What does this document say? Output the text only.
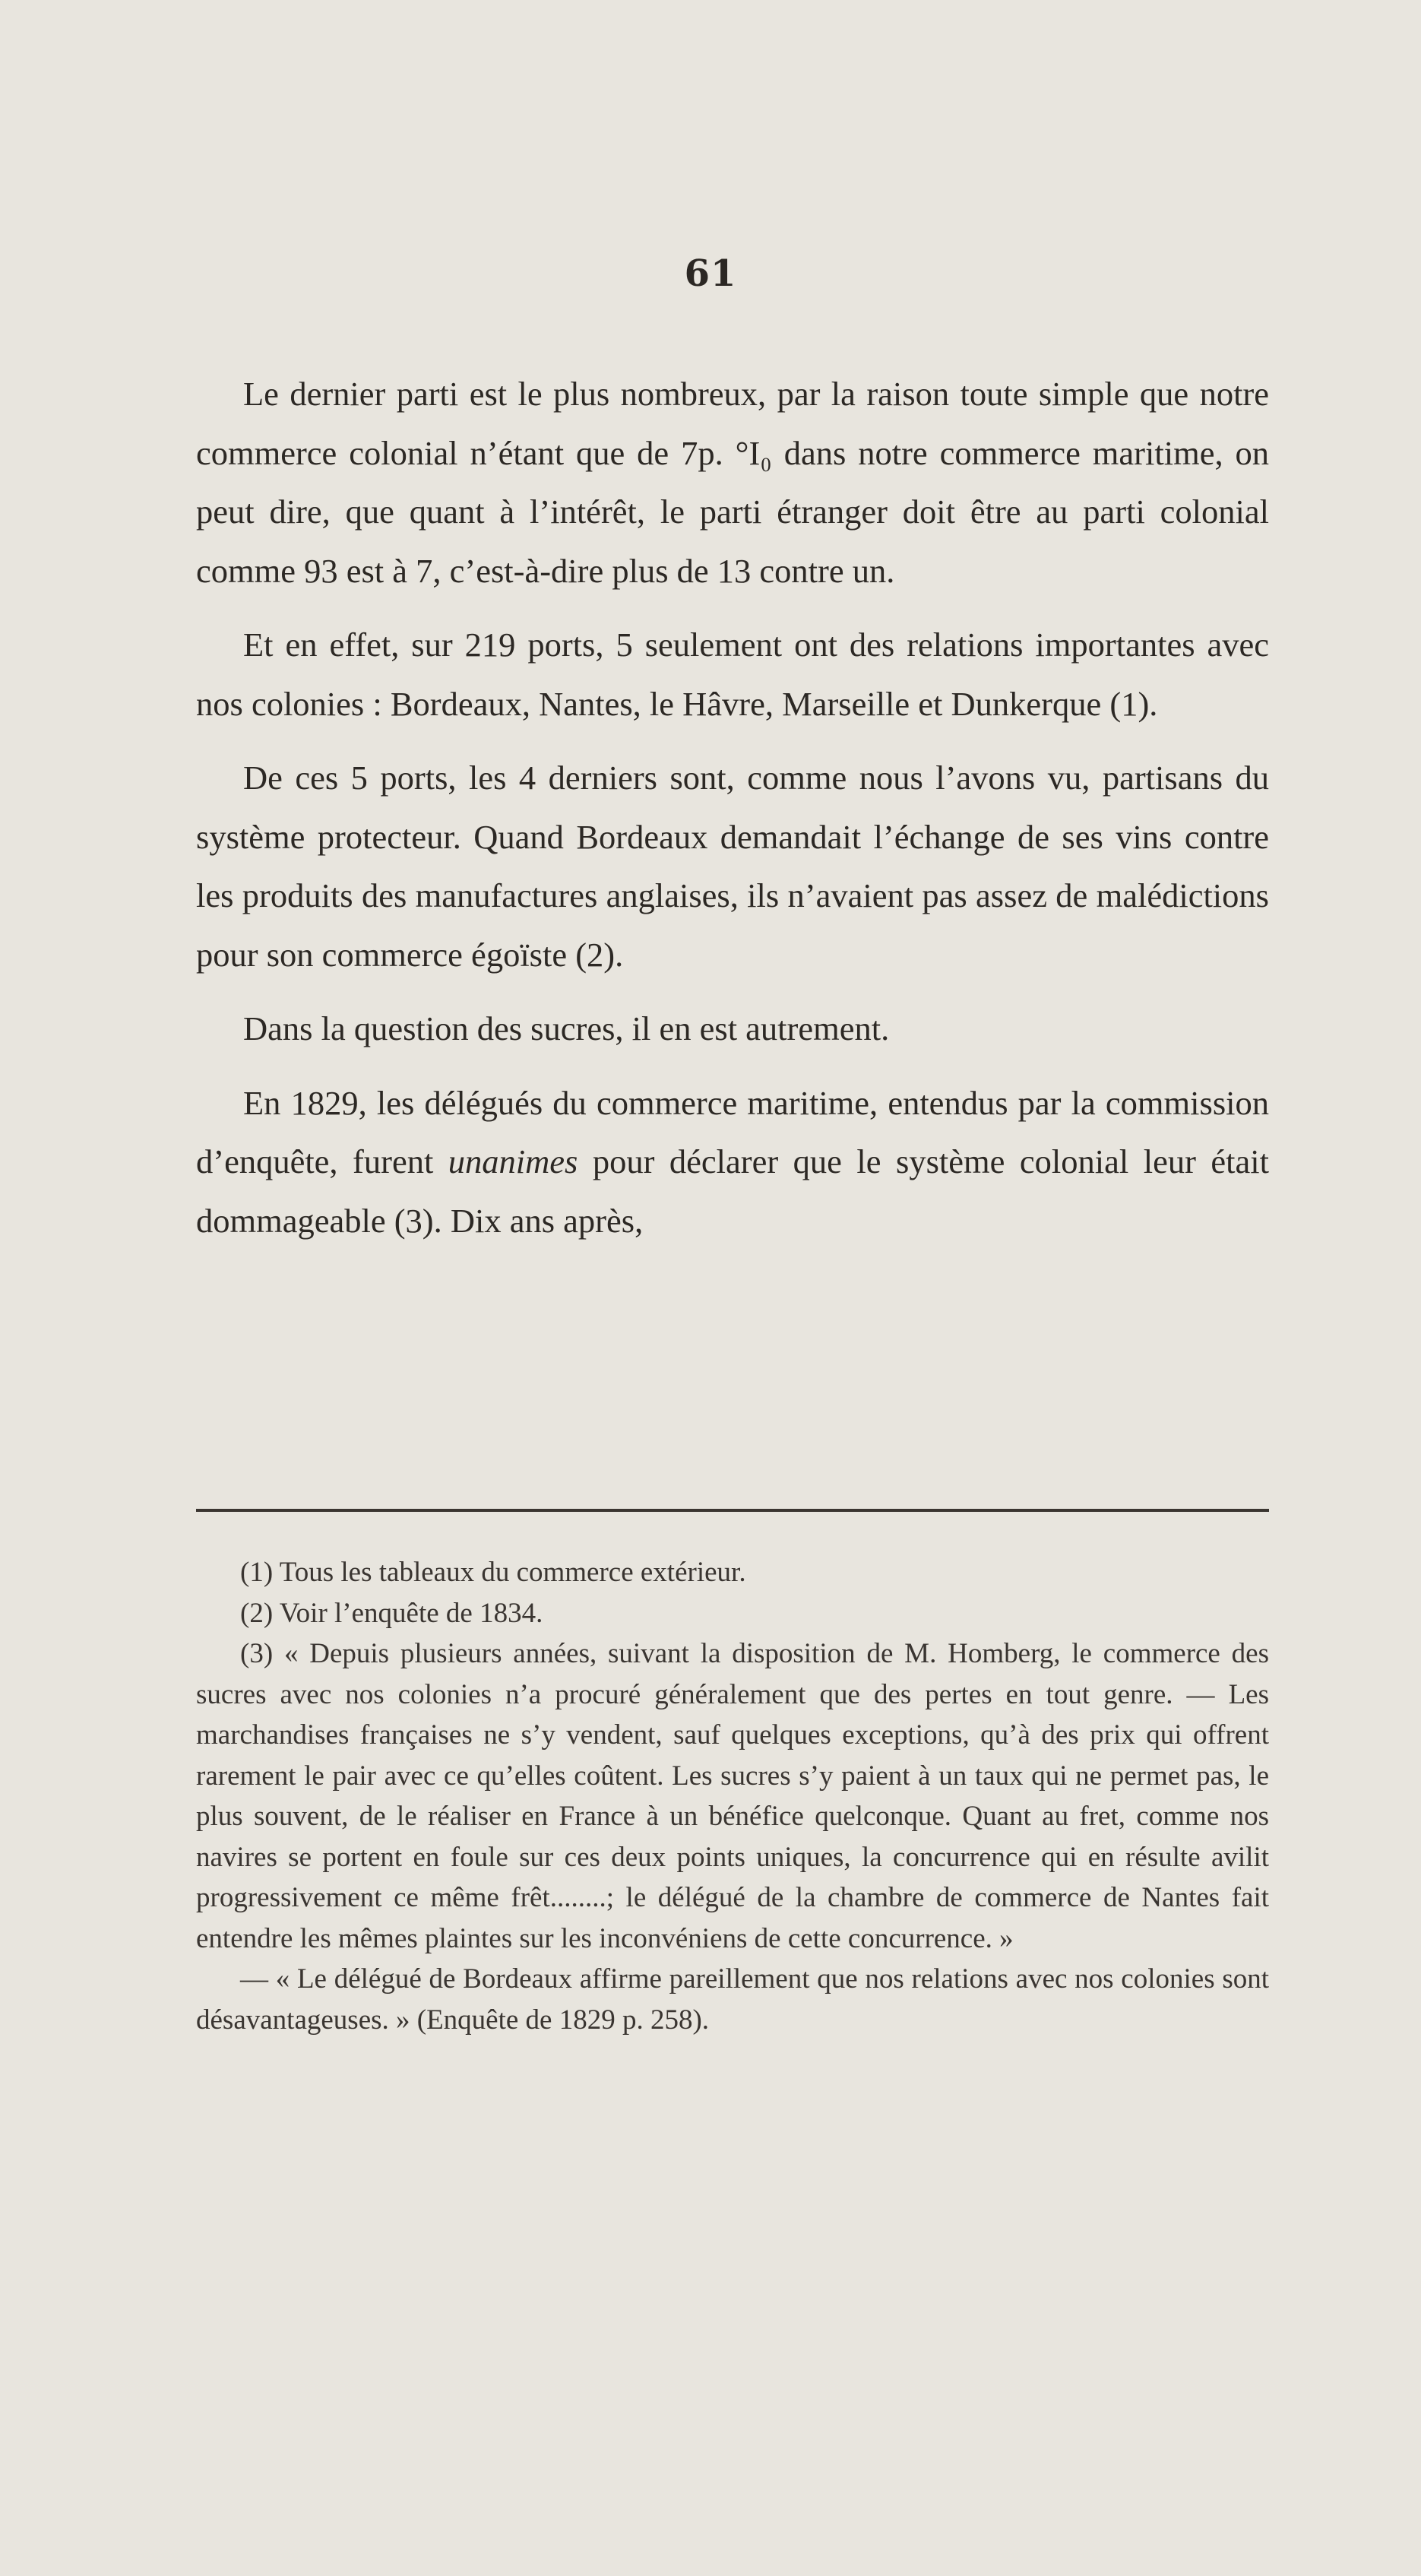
61

Le dernier parti est le plus nombreux, par la raison toute simple que notre commerce colonial n’étant que de 7p. °I₀ dans notre commerce maritime, on peut dire, que quant à l’intérêt, le parti étranger doit être au parti colonial comme 93 est à 7, c’est-à-dire plus de 13 contre un.

Et en effet, sur 219 ports, 5 seulement ont des relations importantes avec nos colonies : Bordeaux, Nantes, le Hâvre, Marseille et Dunkerque (1).

De ces 5 ports, les 4 derniers sont, comme nous l’avons vu, partisans du système protecteur. Quand Bordeaux demandait l’échange de ses vins contre les produits des manufactures anglaises, ils n’avaient pas assez de malédictions pour son commerce égoïste (2).

Dans la question des sucres, il en est autrement.

En 1829, les délégués du commerce maritime, entendus par la commission d’enquête, furent unanimes pour déclarer que le système colonial leur était dommageable (3). Dix ans après,

(1) Tous les tableaux du commerce extérieur.

(2) Voir l’enquête de 1834.

(3) « Depuis plusieurs années, suivant la disposition de M. Homberg, le commerce des sucres avec nos colonies n’a procuré généralement que des pertes en tout genre. — Les marchandises françaises ne s’y vendent, sauf quelques exceptions, qu’à des prix qui offrent rarement le pair avec ce qu’elles coûtent. Les sucres s’y paient à un taux qui ne permet pas, le plus souvent, de le réaliser en France à un bénéfice quelconque. Quant au fret, comme nos navires se portent en foule sur ces deux points uniques, la concurrence qui en résulte avilit progressivement ce même frêt........; le délégué de la chambre de commerce de Nantes fait entendre les mêmes plaintes sur les inconvéniens de cette concurrence. »

— « Le délégué de Bordeaux affirme pareillement que nos relations avec nos colonies sont désavantageuses. » (Enquête de 1829 p. 258).
